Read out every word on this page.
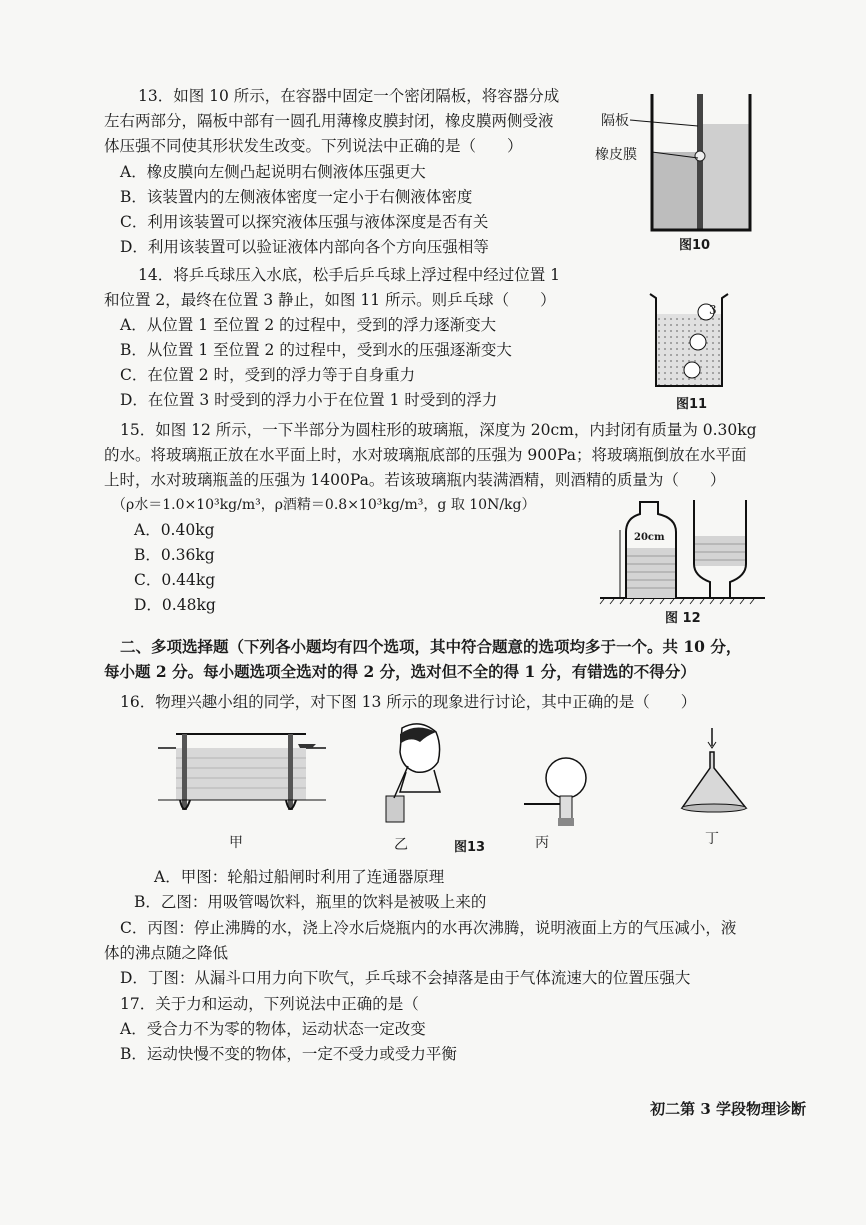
13．如图 10 所示，在容器中固定一个密闭隔板，将容器分成
左右两部分，隔板中部有一圆孔用薄橡皮膜封闭，橡皮膜两侧受液
体压强不同使其形状发生改变。下列说法中正确的是（　　）
A．橡皮膜向左侧凸起说明右侧液体压强更大
B．该装置内的左侧液体密度一定小于右侧液体密度
C．利用该装置可以探究液体压强与液体深度是否有关
D．利用该装置可以验证液体内部向各个方向压强相等
隔板
橡皮膜
图10
14．将乒乓球压入水底，松手后乒乓球上浮过程中经过位置 1
和位置 2，最终在位置 3 静止，如图 11 所示。则乒乓球（　　）
A．从位置 1 至位置 2 的过程中，受到的浮力逐渐变大
B．从位置 1 至位置 2 的过程中，受到水的压强逐渐变大
C．在位置 2 时，受到的浮力等于自身重力
D．在位置 3 时受到的浮力小于在位置 1 时受到的浮力
3
图11
15．如图 12 所示，一下半部分为圆柱形的玻璃瓶，深度为 20cm，内封闭有质量为 0.30kg
的水。将玻璃瓶正放在水平面上时，水对玻璃瓶底部的压强为 900Pa；将玻璃瓶倒放在水平面
上时，水对玻璃瓶盖的压强为 1400Pa。若该玻璃瓶内装满酒精，则酒精的质量为（　　）
（ρ水＝1.0×10³kg/m³，ρ酒精＝0.8×10³kg/m³，g 取 10N/kg）
A．0.40kg
B．0.36kg
C．0.44kg
D．0.48kg
20cm
图 12
二、多项选择题（下列各小题均有四个选项，其中符合题意的选项均多于一个。共 10 分，
每小题 2 分。每小题选项全选对的得 2 分，选对但不全的得 1 分，有错选的不得分）
16．物理兴趣小组的同学，对下图 13 所示的现象进行讨论，其中正确的是（　　）
甲	乙	图13	丙	丁
A．甲图：轮船过船闸时利用了连通器原理
B．乙图：用吸管喝饮料，瓶里的饮料是被吸上来的
C．丙图：停止沸腾的水，浇上冷水后烧瓶内的水再次沸腾，说明液面上方的气压减小，液
体的沸点随之降低
D．丁图：从漏斗口用力向下吹气，乒乓球不会掉落是由于气体流速大的位置压强大
17．关于力和运动，下列说法中正确的是（
A．受合力不为零的物体，运动状态一定改变
B．运动快慢不变的物体，一定不受力或受力平衡
初二第 3 学段物理诊断
